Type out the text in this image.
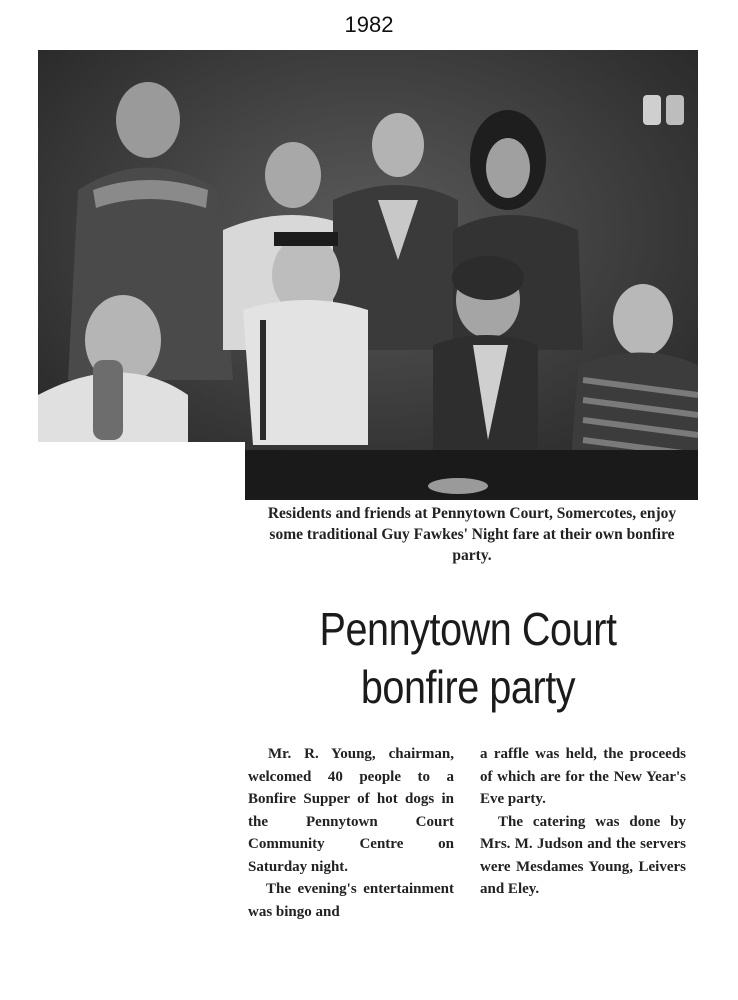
1982
Residents and friends at Pennytown Court, Somercotes, enjoy some traditional Guy Fawkes' Night fare at their own bonfire party.
Pennytown Court
bonfire party

Mr. R. Young, chairman, welcomed 40 people to a Bonfire Supper of hot dogs in the Pennytown Court Community Centre on Saturday night.

The evening's entertainment was bingo and

a raffle was held, the proceeds of which are for the New Year's Eve party.

The catering was done by Mrs. M. Judson and the servers were Mesdames Young, Leivers and Eley.
